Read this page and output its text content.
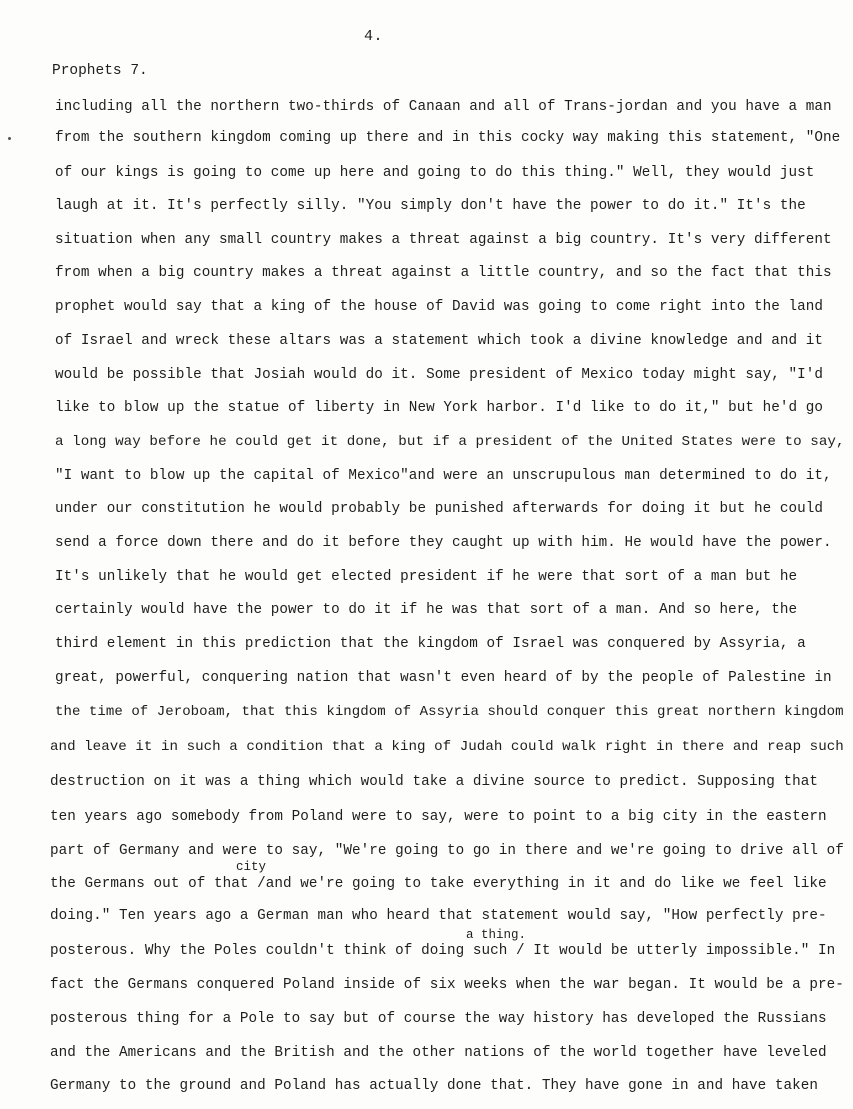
4.
Prophets 7.
including all the northern two-thirds of Canaan and all of Trans-jordan and you have a man
from the southern kingdom coming up there and in this cocky way making this statement, "One
of our kings is going to come up here and going to do this thing." Well, they would just
laugh at it. It's perfectly silly. "You simply don't have the power to do it." It's the
situation when any small country makes a threat against a big country. It's very different
from when a big country makes a threat against a little country, and so the fact that this
prophet would say that a king of the house of David was going to come right into the land
of Israel and wreck these altars was a statement which took a divine knowledge and and it
would be possible that Josiah would do it. Some president of Mexico today might say, "I'd
like to blow up the statue of liberty in New York harbor. I'd like to do it," but he'd go
a long way before he could get it done, but if a president of the United States were to say,
"I want to blow up the capital of Mexico"and were an unscrupulous man determined to do it,
under our constitution he would probably be punished afterwards for doing it but he could
send a force down there and do it before they caught up with him. He would have the power.
It's unlikely that he would get elected president if he were that sort of a man but he
certainly would have the power to do it if he was that sort of a man. And so here, the
third element in this prediction that the kingdom of Israel was conquered by Assyria, a
great, powerful, conquering nation that wasn't even heard of by the people of Palestine in
the time of Jeroboam, that this kingdom of Assyria should conquer this great northern kingdom
and leave it in such a condition that a king of Judah could walk right in there and reap such
destruction on it was a thing which would take a divine source to predict. Supposing that
ten years ago somebody from Poland were to say, were to point to a big city in the eastern
part of Germany and were to say, "We're going to go in there and we're going to drive all of
the Germans out of that /and we're going to take everything in it and do like we feel like
doing." Ten years ago a German man who heard that statement would say, "How perfectly pre-
posterous. Why the Poles couldn't think of doing such / It would be utterly impossible." In
fact the Germans conquered Poland inside of six weeks when the war began. It would be a pre-
posterous thing for a Pole to say but of course the way history has developed the Russians
and the Americans and the British and the other nations of the world together have leveled
Germany to the ground and Poland has actually done that. They have gone in and have taken
city
a thing.
